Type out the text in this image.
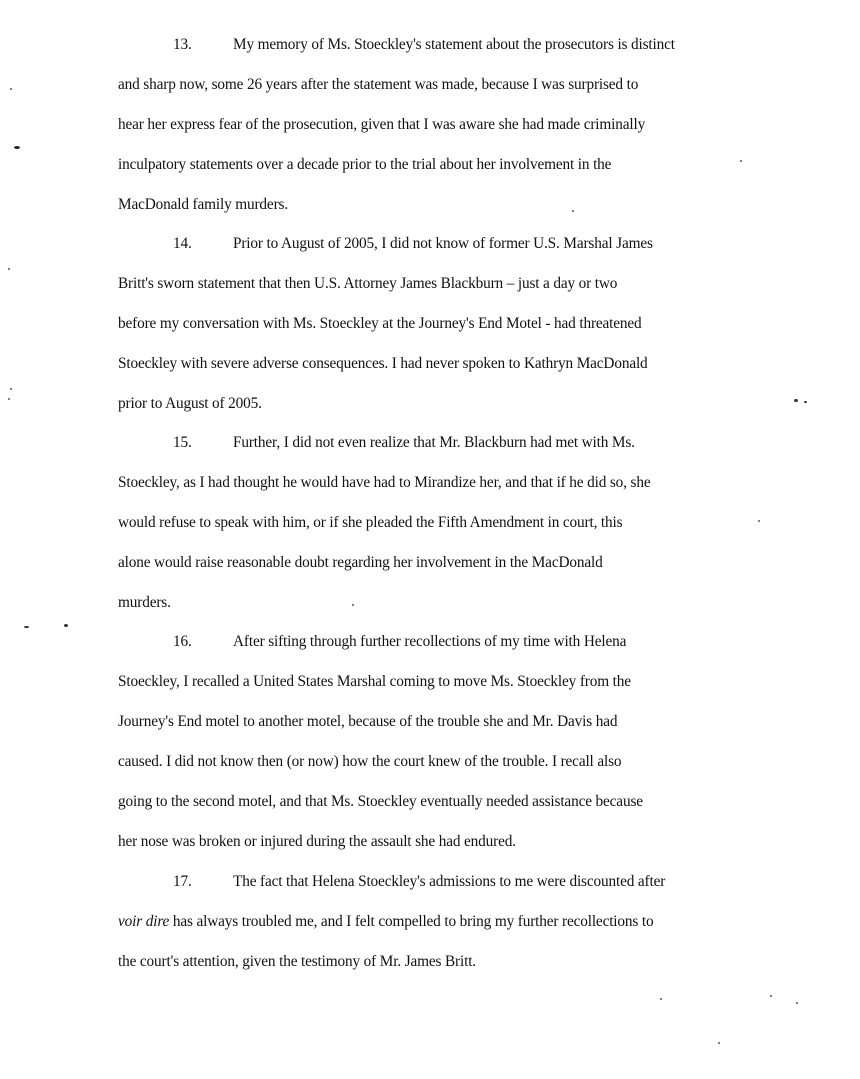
13.	My memory of Ms. Stoeckley's statement about the prosecutors is distinct
and sharp now, some 26 years after the statement was made, because I was surprised to
hear her express fear of the prosecution, given that I was aware she had made criminally
inculpatory statements over a decade prior to the trial about her involvement in the
MacDonald family murders.
14.	Prior to August of 2005, I did not know of former U.S. Marshal James
Britt's sworn statement that then U.S. Attorney James Blackburn – just a day or two
before my conversation with Ms. Stoeckley at the Journey's End Motel - had threatened
Stoeckley with severe adverse consequences. I had never spoken to Kathryn MacDonald
prior to August of 2005.
15.	Further, I did not even realize that Mr. Blackburn had met with Ms.
Stoeckley, as I had thought he would have had to Mirandize her, and that if he did so, she
would refuse to speak with him, or if she pleaded the Fifth Amendment in court, this
alone would raise reasonable doubt regarding her involvement in the MacDonald
murders.
16.	After sifting through further recollections of my time with Helena
Stoeckley, I recalled a United States Marshal coming to move Ms. Stoeckley from the
Journey's End motel to another motel, because of the trouble she and Mr. Davis had
caused. I did not know then (or now) how the court knew of the trouble. I recall also
going to the second motel, and that Ms. Stoeckley eventually needed assistance because
her nose was broken or injured during the assault she had endured.
17.	The fact that Helena Stoeckley's admissions to me were discounted after
voir dire has always troubled me, and I felt compelled to bring my further recollections to
the court's attention, given the testimony of Mr. James Britt.
